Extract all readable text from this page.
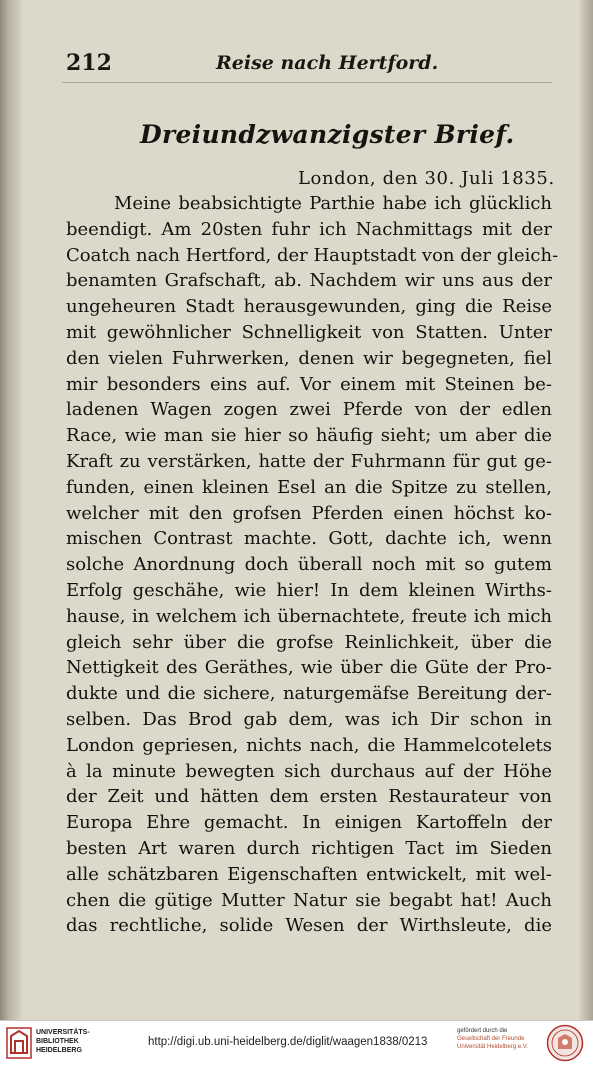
212	Reise nach Hertford.
Dreiundzwanzigster Brief.
London, den 30. Juli 1835.
Meine beabsichtigte Parthie habe ich glücklich
beendigt. Am 20sten fuhr ich Nachmittags mit der
Coatch nach Hertford, der Hauptstadt von der gleich-
benamten Grafschaft, ab. Nachdem wir uns aus der
ungeheuren Stadt herausgewunden, ging die Reise
mit gewöhnlicher Schnelligkeit von Statten. Unter
den vielen Fuhrwerken, denen wir begegneten, fiel
mir besonders eins auf. Vor einem mit Steinen be-
ladenen Wagen zogen zwei Pferde von der edlen
Race, wie man sie hier so häufig sieht; um aber die
Kraft zu verstärken, hatte der Fuhrmann für gut ge-
funden, einen kleinen Esel an die Spitze zu stellen,
welcher mit den grofsen Pferden einen höchst ko-
mischen Contrast machte. Gott, dachte ich, wenn
solche Anordnung doch überall noch mit so gutem
Erfolg geschähe, wie hier! In dem kleinen Wirths-
hause, in welchem ich übernachtete, freute ich mich
gleich sehr über die grofse Reinlichkeit, über die
Nettigkeit des Geräthes, wie über die Güte der Pro-
dukte und die sichere, naturgemäfse Bereitung der-
selben. Das Brod gab dem, was ich Dir schon in
London gepriesen, nichts nach, die Hammelcotelets
à la minute bewegten sich durchaus auf der Höhe
der Zeit und hätten dem ersten Restaurateur von
Europa Ehre gemacht. In einigen Kartoffeln der
besten Art waren durch richtigen Tact im Sieden
alle schätzbaren Eigenschaften entwickelt, mit wel-
chen die gütige Mutter Natur sie begabt hat! Auch
das rechtliche, solide Wesen der Wirthsleute, die
UNIVERSITÄTS-
BIBLIOTHEK
HEIDELBERG
http://digi.ub.uni-heidelberg.de/diglit/waagen1838/0213
gefördert durch die
Gesellschaft der Freunde
Universität Heidelberg e.V.
